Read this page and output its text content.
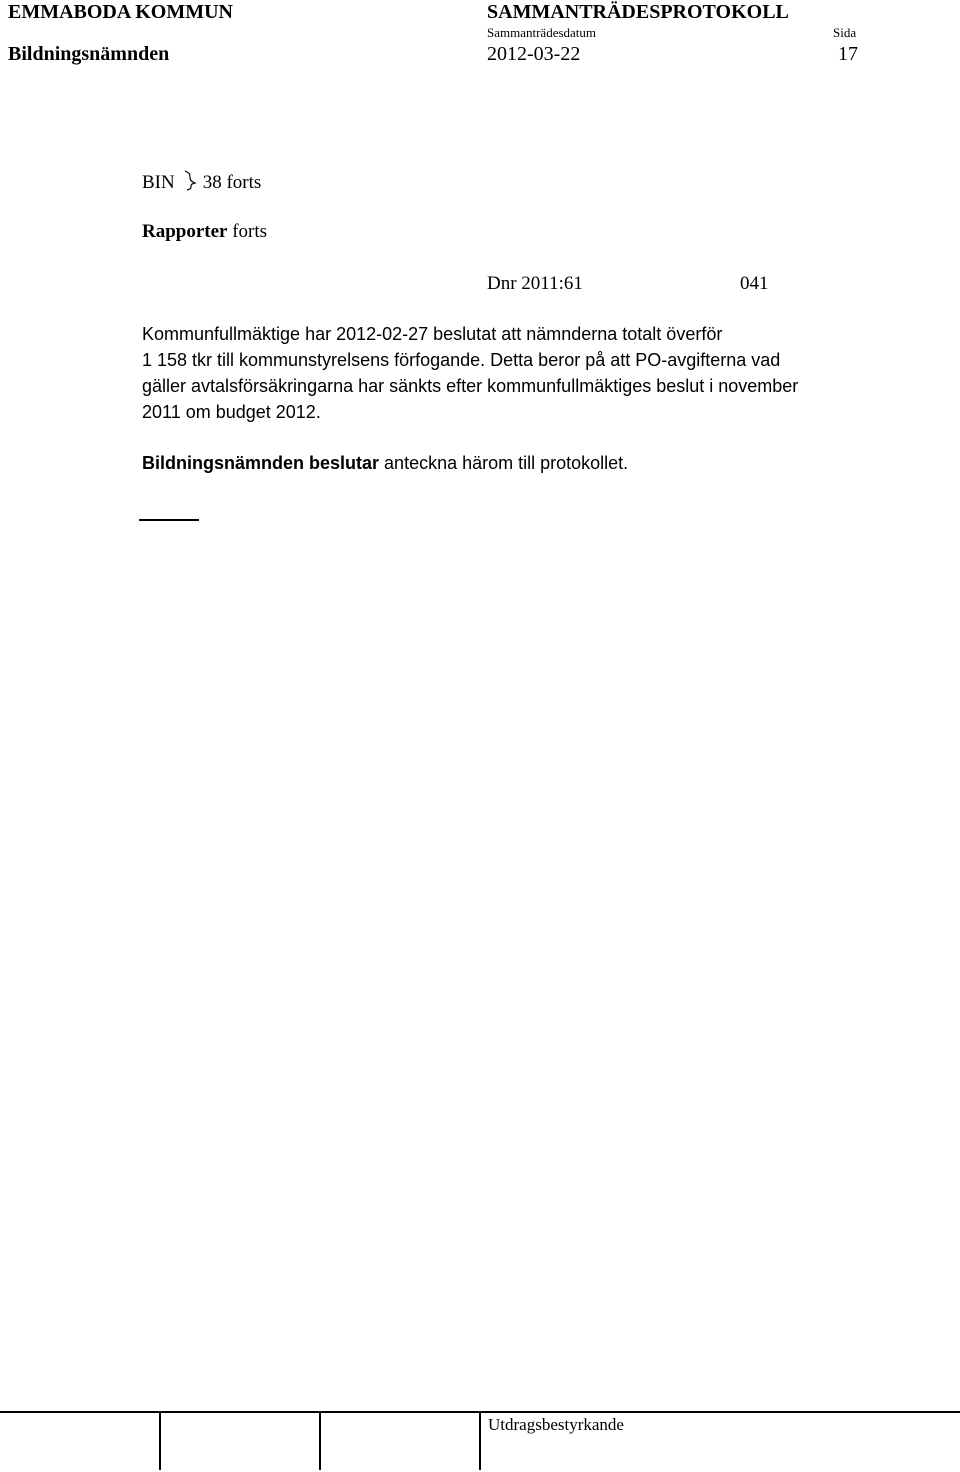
EMMABODA KOMMUN	SAMMANTRÄDESPROTOKOLL
Sammanträdesdatum	Sida
Bildningsnämnden	2012-03-22	17
BIN 38 forts
Rapporter forts
Dnr 2011:61	041
Kommunfullmäktige har 2012-02-27 beslutat att nämnderna totalt överför
1 158 tkr till kommunstyrelsens förfogande. Detta beror på att PO-avgifterna vad
gäller avtalsförsäkringarna har sänkts efter kommunfullmäktiges beslut i november
2011 om budget 2012.
Bildningsnämnden beslutar anteckna härom till protokollet.
Utdragsbestyrkande
